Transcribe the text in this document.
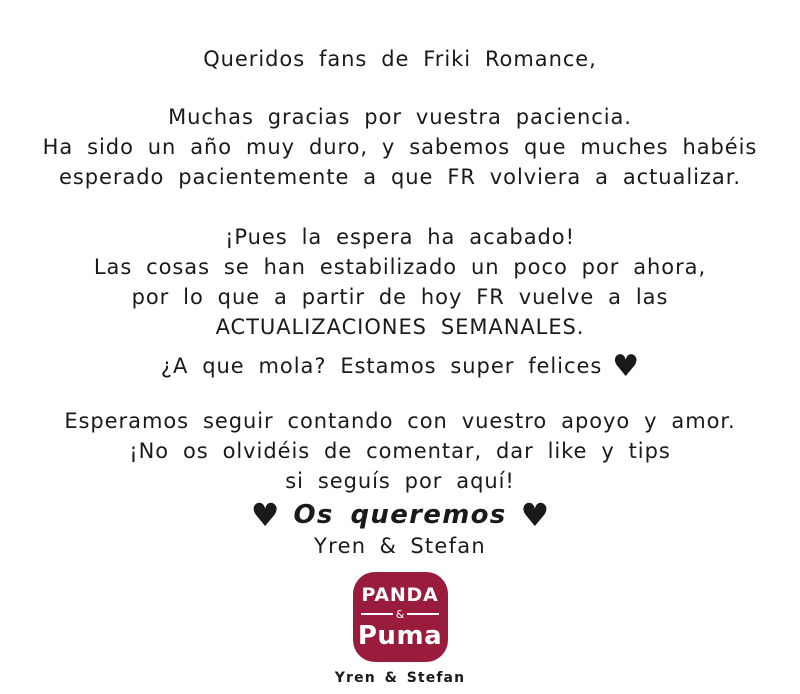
Queridos fans de Friki Romance,
Muchas gracias por vuestra paciencia.
Ha sido un año muy duro, y sabemos que muches habéis
esperado pacientemente a que FR volviera a actualizar.
¡Pues la espera ha acabado!
Las cosas se han estabilizado un poco por ahora,
por lo que a partir de hoy FR vuelve a las
ACTUALIZACIONES SEMANALES.
¿A que mola? Estamos super felices ♥
Esperamos seguir contando con vuestro apoyo y amor.
¡No os olvidéis de comentar, dar like y tips
si seguís por aquí!
♥ Os queremos ♥
Yren & Stefan
PANDA
&
Puma
Yren & Stefan
